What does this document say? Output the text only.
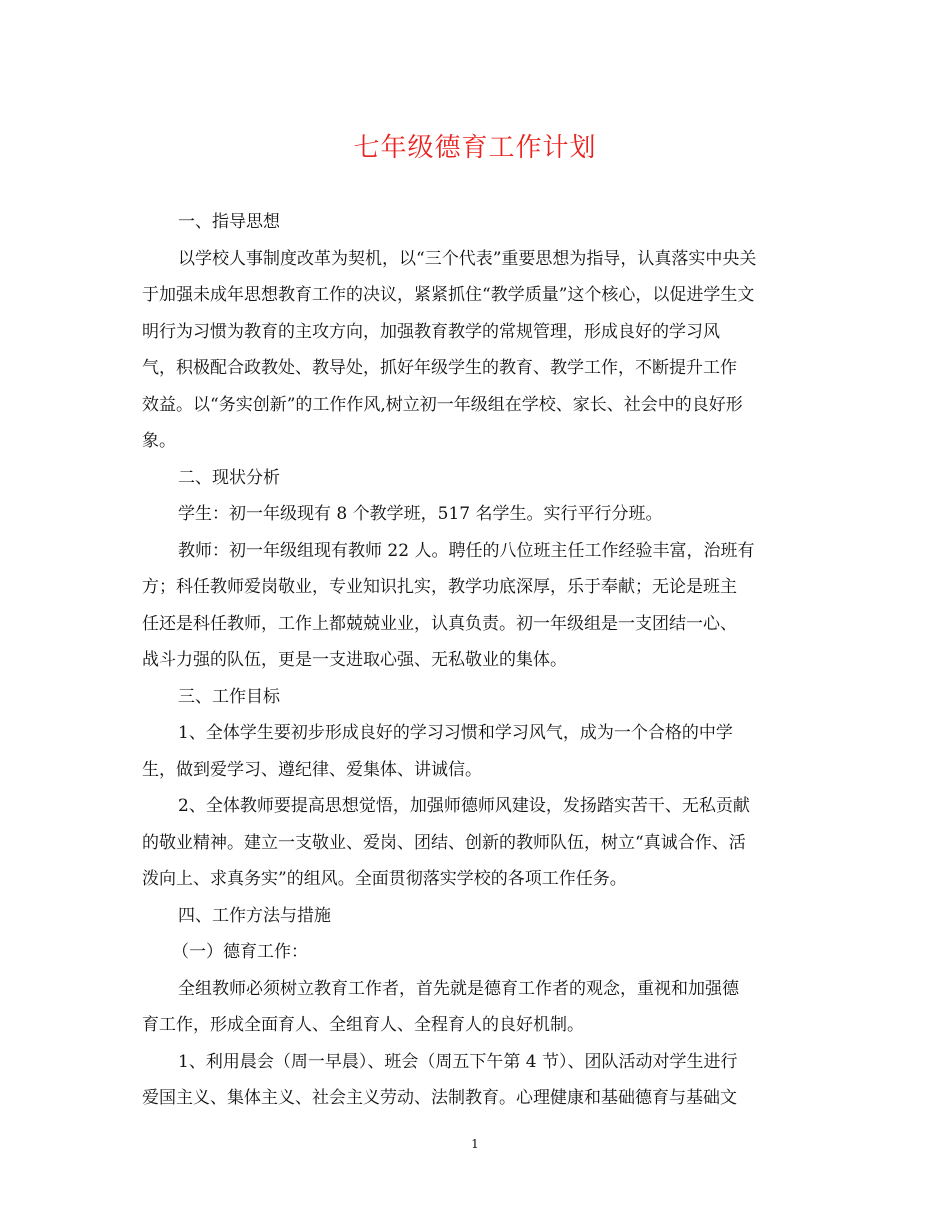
七年级德育工作计划
一、指导思想
以学校人事制度改革为契机，以“三个代表”重要思想为指导，认真落实中央关
于加强未成年思想教育工作的决议，紧紧抓住“教学质量”这个核心，以促进学生文
明行为习惯为教育的主攻方向，加强教育教学的常规管理，形成良好的学习风
气，积极配合政教处、教导处，抓好年级学生的教育、教学工作，不断提升工作
效益。以“务实创新”的工作作风,树立初一年级组在学校、家长、社会中的良好形
象。
二、现状分析
学生：初一年级现有 8 个教学班，517 名学生。实行平行分班。
教师：初一年级组现有教师 22 人。聘任的八位班主任工作经验丰富，治班有
方；科任教师爱岗敬业，专业知识扎实，教学功底深厚，乐于奉献；无论是班主
任还是科任教师，工作上都兢兢业业，认真负责。初一年级组是一支团结一心、
战斗力强的队伍，更是一支进取心强、无私敬业的集体。
三、工作目标
1、全体学生要初步形成良好的学习习惯和学习风气，成为一个合格的中学
生，做到爱学习、遵纪律、爱集体、讲诚信。
2、全体教师要提高思想觉悟，加强师德师风建设，发扬踏实苦干、无私贡献
的敬业精神。建立一支敬业、爱岗、团结、创新的教师队伍，树立“真诚合作、活
泼向上、求真务实”的组风。全面贯彻落实学校的各项工作任务。
四、工作方法与措施
（一）德育工作：
全组教师必须树立教育工作者，首先就是德育工作者的观念，重视和加强德
育工作，形成全面育人、全组育人、全程育人的良好机制。
1、利用晨会（周一早晨）、班会（周五下午第 4 节）、团队活动对学生进行
爱国主义、集体主义、社会主义劳动、法制教育。心理健康和基础德育与基础文
1
